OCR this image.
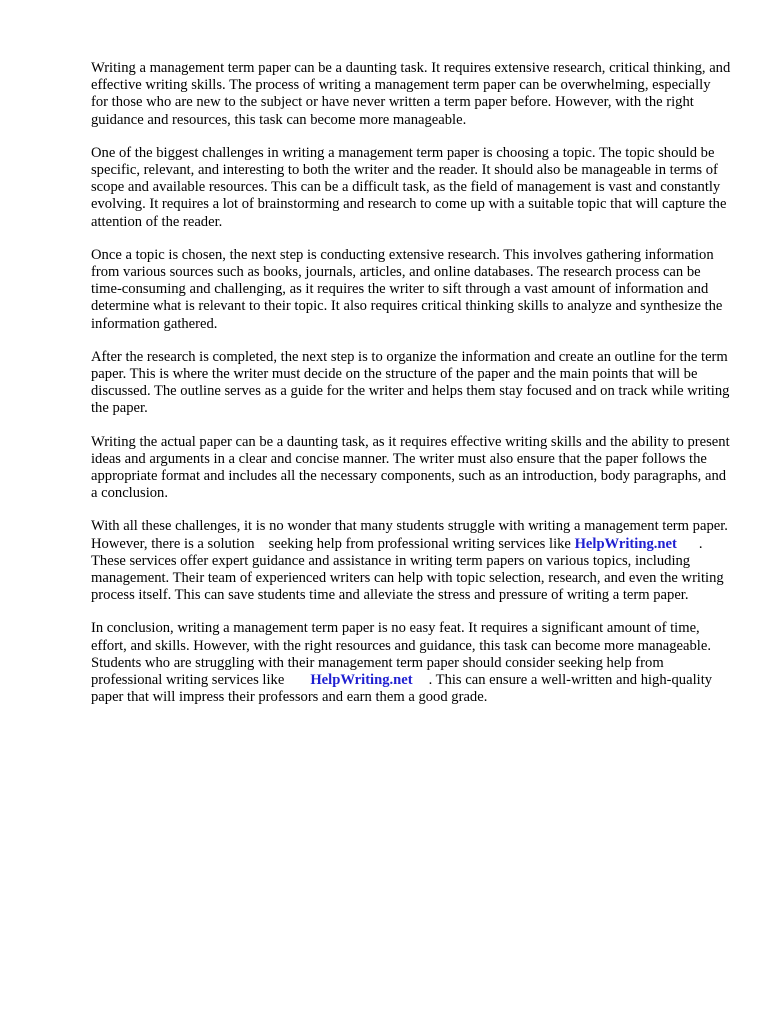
Writing a management term paper can be a daunting task. It requires extensive research, critical thinking, and effective writing skills. The process of writing a management term paper can be overwhelming, especially for those who are new to the subject or have never written a term paper before. However, with the right guidance and resources, this task can become more manageable.

One of the biggest challenges in writing a management term paper is choosing a topic. The topic should be specific, relevant, and interesting to both the writer and the reader. It should also be manageable in terms of scope and available resources. This can be a difficult task, as the field of management is vast and constantly evolving. It requires a lot of brainstorming and research to come up with a suitable topic that will capture the attention of the reader.

Once a topic is chosen, the next step is conducting extensive research. This involves gathering information from various sources such as books, journals, articles, and online databases. The research process can be time-consuming and challenging, as it requires the writer to sift through a vast amount of information and determine what is relevant to their topic. It also requires critical thinking skills to analyze and synthesize the information gathered.

After the research is completed, the next step is to organize the information and create an outline for the term paper. This is where the writer must decide on the structure of the paper and the main points that will be discussed. The outline serves as a guide for the writer and helps them stay focused and on track while writing the paper.

Writing the actual paper can be a daunting task, as it requires effective writing skills and the ability to present ideas and arguments in a clear and concise manner. The writer must also ensure that the paper follows the appropriate format and includes all the necessary components, such as an introduction, body paragraphs, and a conclusion.

With all these challenges, it is no wonder that many students struggle with writing a management term paper. However, there is a solution seeking help from professional writing services like HelpWriting.net . These services offer expert guidance and assistance in writing term papers on various topics, including management. Their team of experienced writers can help with topic selection, research, and even the writing process itself. This can save students time and alleviate the stress and pressure of writing a term paper.

In conclusion, writing a management term paper is no easy feat. It requires a significant amount of time, effort, and skills. However, with the right resources and guidance, this task can become more manageable. Students who are struggling with their management term paper should consider seeking help from professional writing services like HelpWriting.net . This can ensure a well-written and high-quality paper that will impress their professors and earn them a good grade.
